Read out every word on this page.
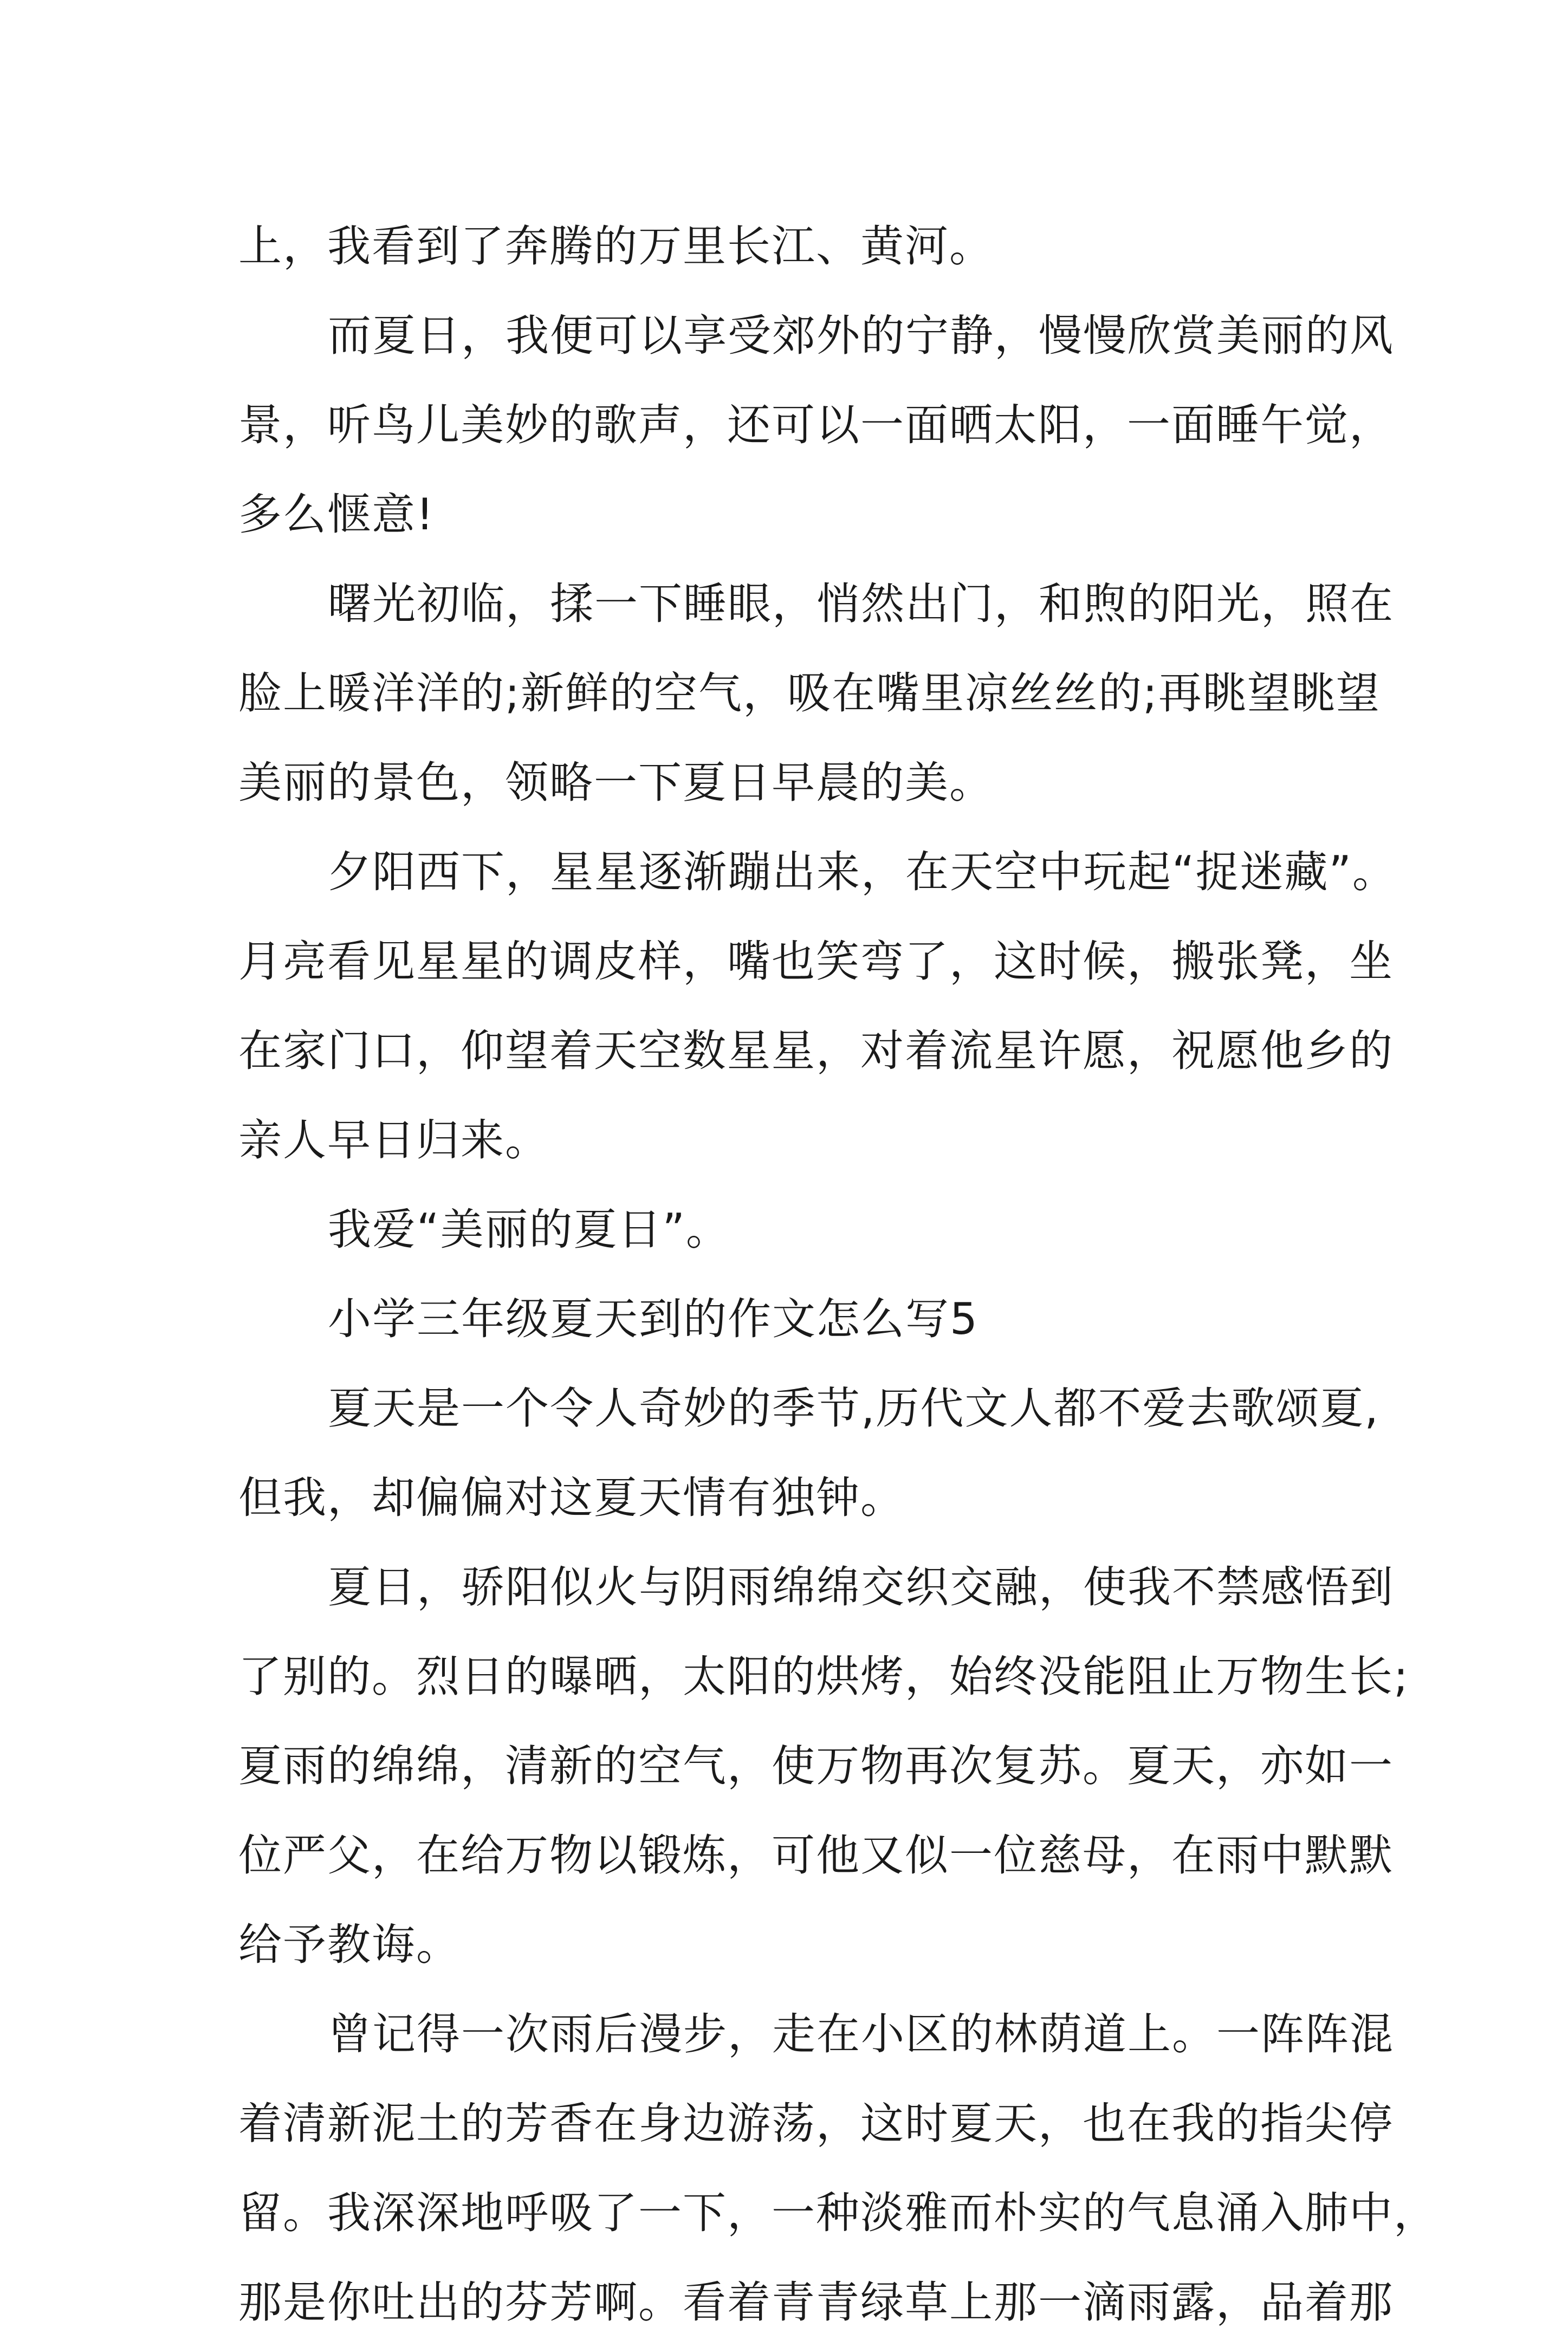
上，我看到了奔腾的万里长江、黄河。
而夏日，我便可以享受郊外的宁静，慢慢欣赏美丽的风
景，听鸟儿美妙的歌声，还可以一面晒太阳，一面睡午觉，
多么惬意!
曙光初临，揉一下睡眼，悄然出门，和煦的阳光，照在
脸上暖洋洋的;新鲜的空气，吸在嘴里凉丝丝的;再眺望眺望
美丽的景色，领略一下夏日早晨的美。
夕阳西下，星星逐渐蹦出来，在天空中玩起“捉迷藏”。
月亮看见星星的调皮样，嘴也笑弯了，这时候，搬张凳，坐
在家门口，仰望着天空数星星，对着流星许愿，祝愿他乡的
亲人早日归来。
我爱“美丽的夏日”。
小学三年级夏天到的作文怎么写5
夏天是一个令人奇妙的季节,历代文人都不爱去歌颂夏,
但我，却偏偏对这夏天情有独钟。
夏日，骄阳似火与阴雨绵绵交织交融，使我不禁感悟到
了别的。烈日的曝晒，太阳的烘烤，始终没能阻止万物生长;
夏雨的绵绵，清新的空气，使万物再次复苏。夏天，亦如一
位严父，在给万物以锻炼，可他又似一位慈母，在雨中默默
给予教诲。
曾记得一次雨后漫步，走在小区的林荫道上。一阵阵混
着清新泥土的芳香在身边游荡，这时夏天，也在我的指尖停
留。我深深地呼吸了一下，一种淡雅而朴实的气息涌入肺中，
那是你吐出的芬芳啊。看着青青绿草上那一滴雨露，品着那
